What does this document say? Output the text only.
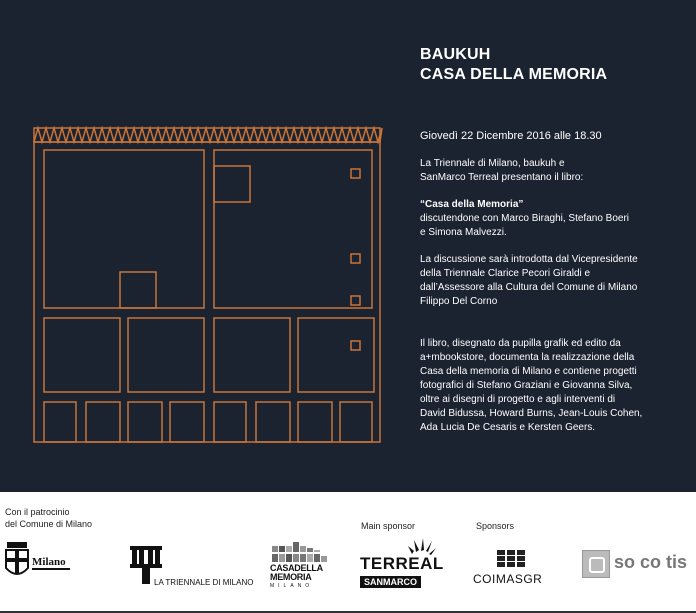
BAUKUH
CASA DELLA MEMORIA

Giovedì 22 Dicembre 2016 alle 18.30

La Triennale di Milano, baukuh e

SanMarco Terreal presentano il libro:

“Casa della Memoria”

discutendone con Marco Biraghi, Stefano Boeri

e Simona Malvezzi.

La discussione sarà introdotta dal Vicepresidente

della Triennale Clarice Pecori Giraldi e

dall’Assessore alla Cultura del Comune di Milano

Filippo Del Corno

Il libro, disegnato da pupilla grafik ed edito da

a+mbookstore, documenta la realizzazione della

Casa della memoria di Milano e contiene progetti

fotografici di Stefano Graziani e Giovanna Silva,

oltre ai disegni di progetto e agli interventi di

David Bidussa, Howard Burns, Jean-Louis Cohen,

Ada Lucia De Cesaris e Kersten Geers.

Con il patrocinio
del Comune di Milano	Main sponsor	Sponsors
Milano
LA TRIENNALE DI MILANO
CASADELLA
MEMORIA
MILANO
TERREAL
SANMARCO	COIMASGR
so co tis
